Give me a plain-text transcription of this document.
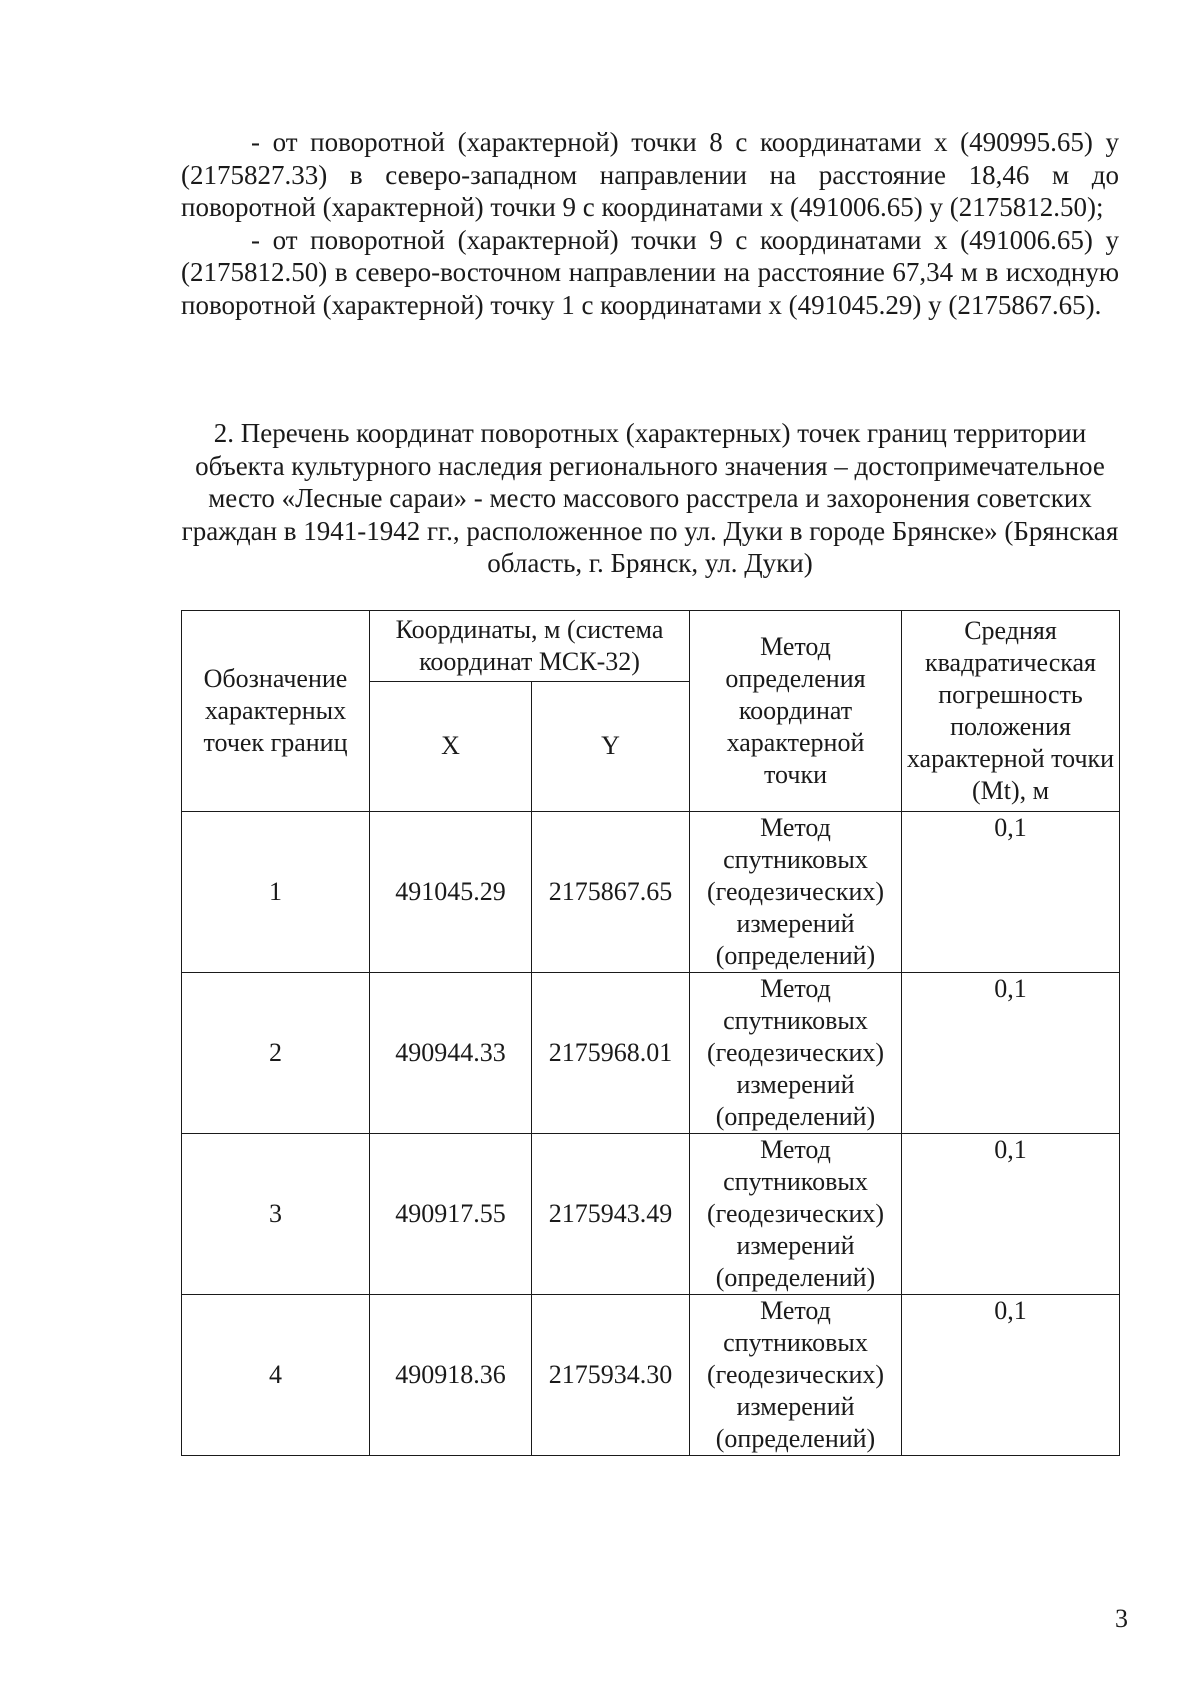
- от поворотной (характерной) точки 8 с координатами x (490995.65) y (2175827.33) в северо-западном направлении на расстояние 18,46 м до поворотной (характерной) точки 9 с координатами x (491006.65) y (2175812.50);

- от поворотной (характерной) точки 9 с координатами x (491006.65) y (2175812.50) в северо-восточном направлении на расстояние 67,34 м в исходную поворотной (характерной) точку 1 с координатами x (491045.29) y (2175867.65).

2. Перечень координат поворотных (характерных) точек границ территории объекта культурного наследия регионального значения – достопримечательное место «Лесные сараи» - место массового расстрела и захоронения советских граждан в 1941-1942 гг., расположенное по ул. Дуки в городе Брянске» (Брянская область, г. Брянск, ул. Дуки)

Обозначение характерных точек границ	Координаты, м (система координат МСК-32)		Метод определения координат характерной точки	Средняя квадратическая погрешность положения характерной точки (Mt), м
	X	Y		
1	491045.29	2175867.65	Метод спутниковых (геодезических) измерений (определений)	0,1
2	490944.33	2175968.01	Метод спутниковых (геодезических) измерений (определений)	0,1
3	490917.55	2175943.49	Метод спутниковых (геодезических) измерений (определений)	0,1
4	490918.36	2175934.30	Метод спутниковых (геодезических) измерений (определений)	0,1
3
